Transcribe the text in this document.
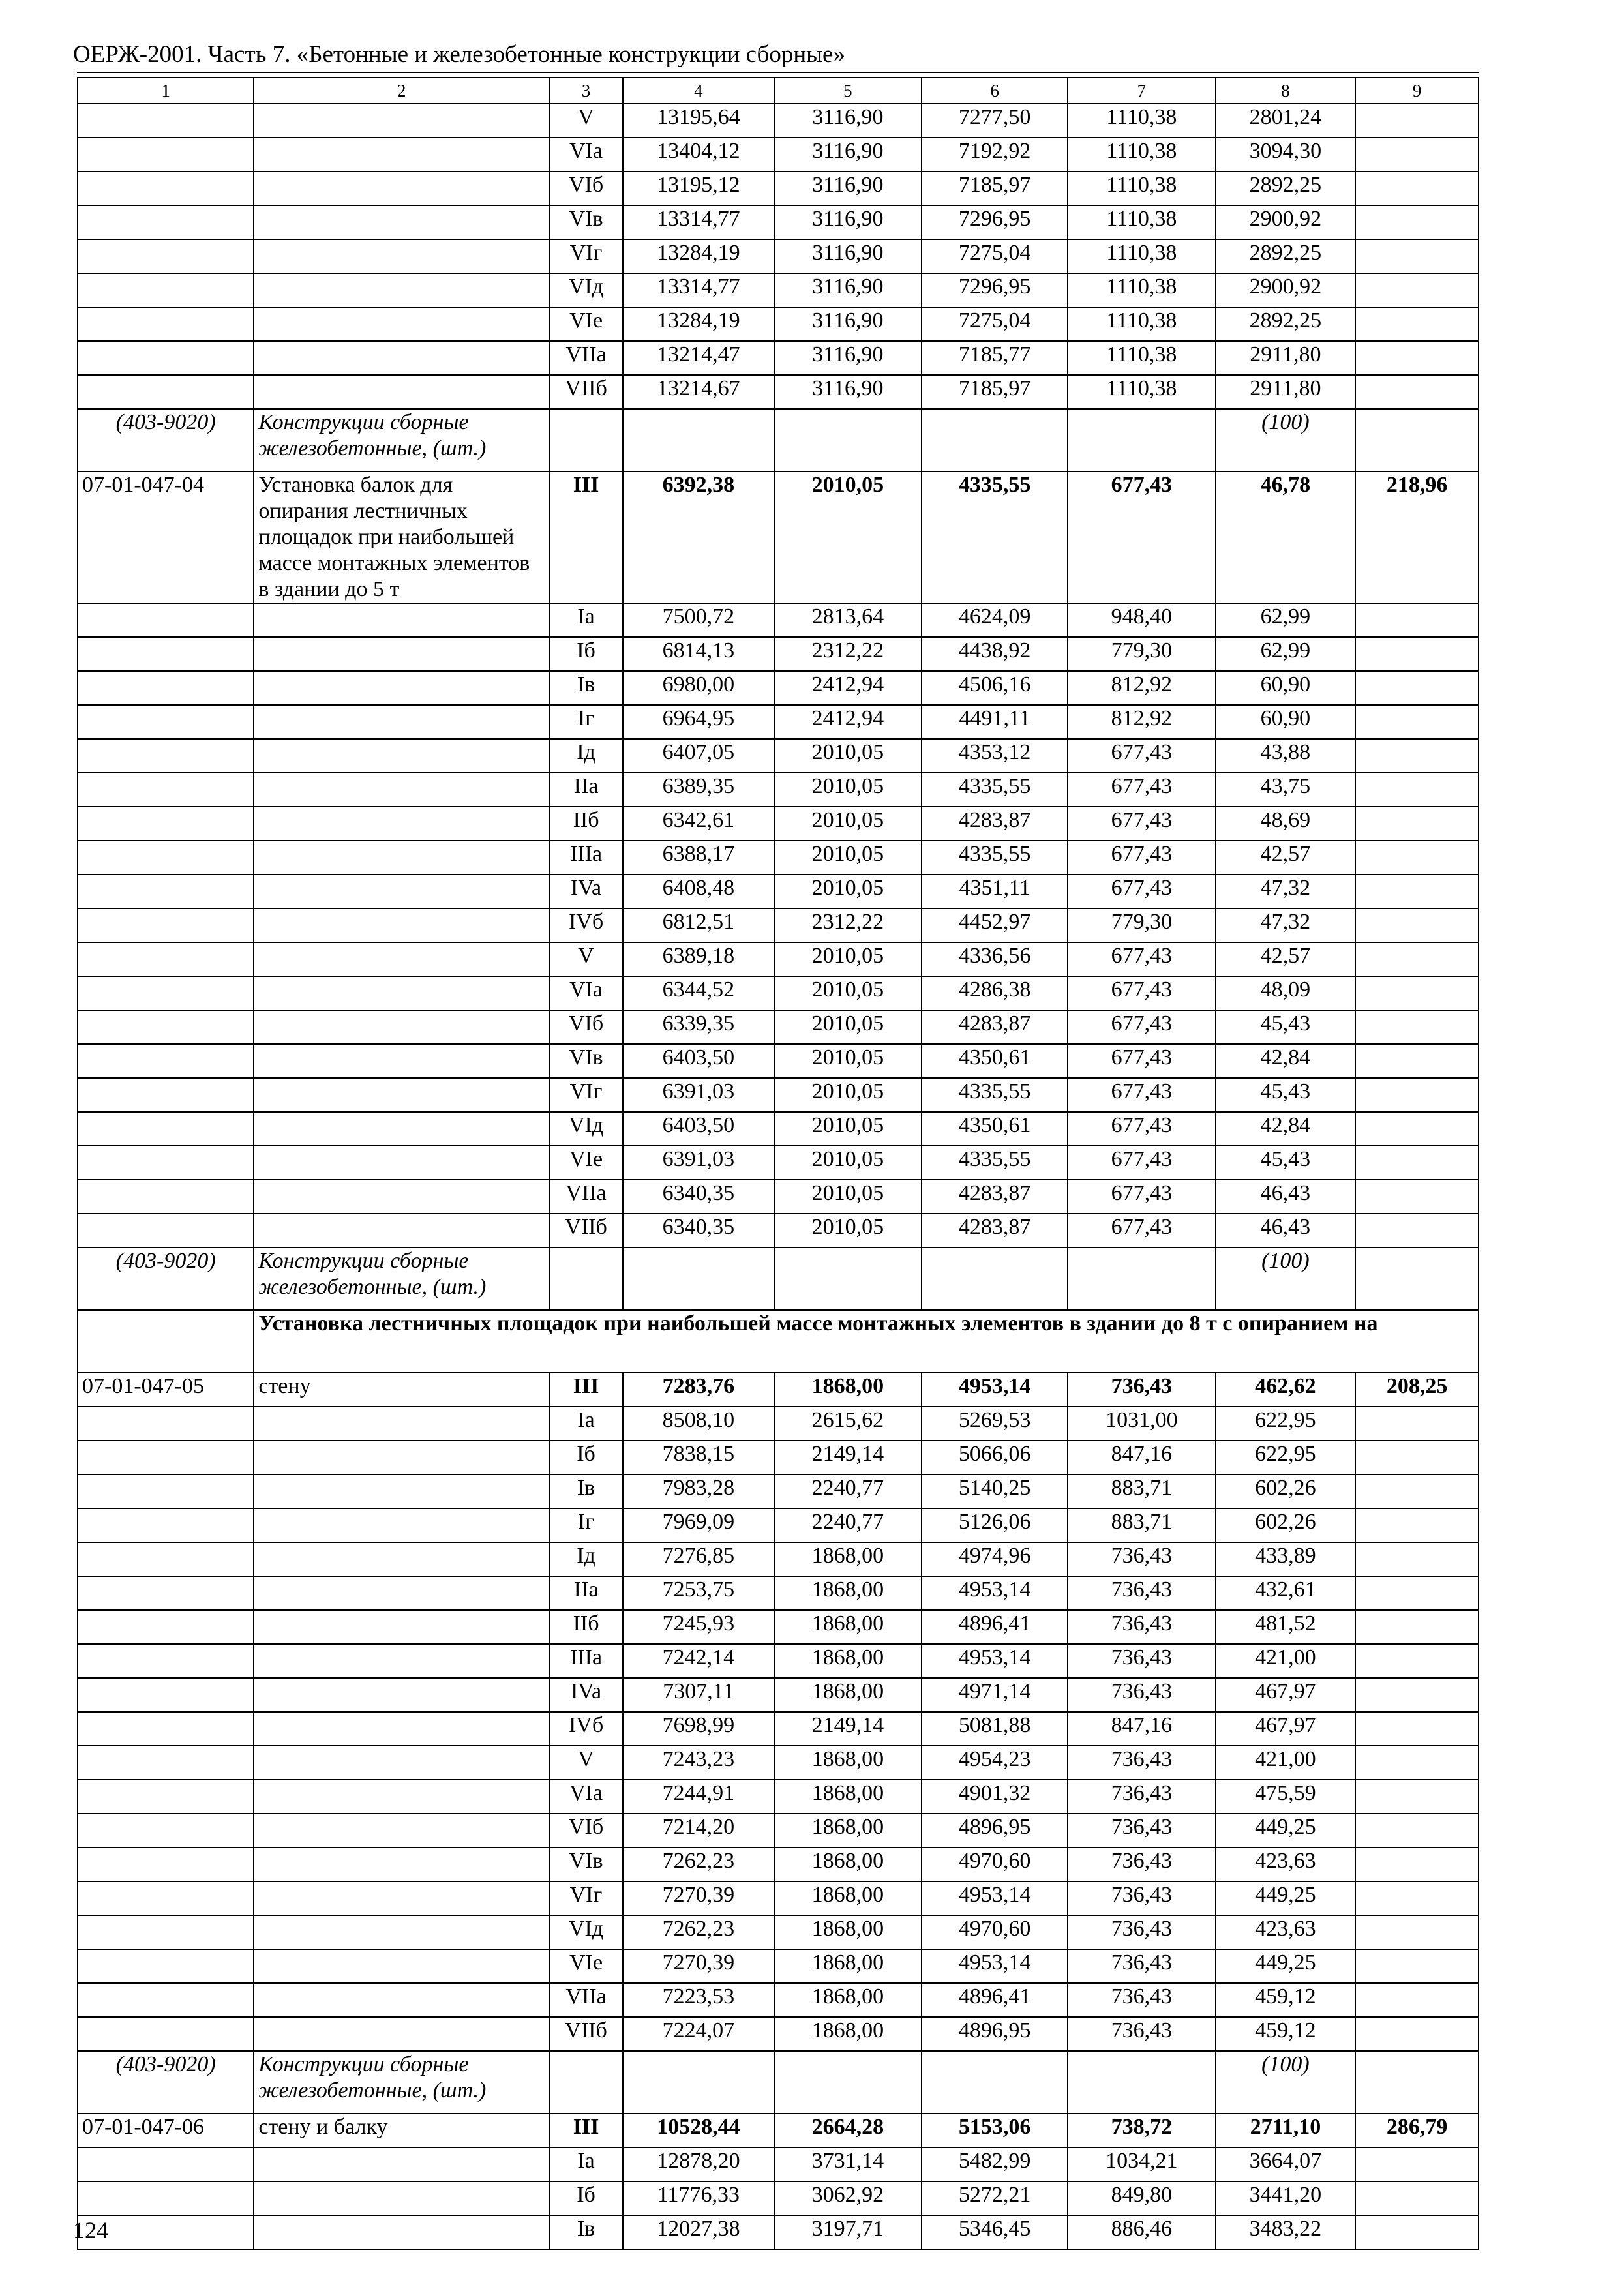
ОЕРЖ-2001. Часть 7. «Бетонные и железобетонные конструкции сборные»
1	2	3	4	5	6	7	8	9
		V	13195,64	3116,90	7277,50	1110,38	2801,24	
		VIa	13404,12	3116,90	7192,92	1110,38	3094,30	
		VIб	13195,12	3116,90	7185,97	1110,38	2892,25	
		VIв	13314,77	3116,90	7296,95	1110,38	2900,92	
		VIг	13284,19	3116,90	7275,04	1110,38	2892,25	
		VIд	13314,77	3116,90	7296,95	1110,38	2900,92	
		VIe	13284,19	3116,90	7275,04	1110,38	2892,25	
		VIIa	13214,47	3116,90	7185,77	1110,38	2911,80	
		VIIб	13214,67	3116,90	7185,97	1110,38	2911,80	
(403-9020)	Конструкции сборные железобетонные, (шт.)						(100)	
07-01-047-04	Установка балок для опирания лестничных площадок при наибольшей массе монтажных элементов в здании до 5 т	III	6392,38	2010,05	4335,55	677,43	46,78	218,96
		Ia	7500,72	2813,64	4624,09	948,40	62,99	
		Iб	6814,13	2312,22	4438,92	779,30	62,99	
		Iв	6980,00	2412,94	4506,16	812,92	60,90	
		Iг	6964,95	2412,94	4491,11	812,92	60,90	
		Iд	6407,05	2010,05	4353,12	677,43	43,88	
		IIa	6389,35	2010,05	4335,55	677,43	43,75	
		IIб	6342,61	2010,05	4283,87	677,43	48,69	
		IIIa	6388,17	2010,05	4335,55	677,43	42,57	
		IVa	6408,48	2010,05	4351,11	677,43	47,32	
		IVб	6812,51	2312,22	4452,97	779,30	47,32	
		V	6389,18	2010,05	4336,56	677,43	42,57	
		VIa	6344,52	2010,05	4286,38	677,43	48,09	
		VIб	6339,35	2010,05	4283,87	677,43	45,43	
		VIв	6403,50	2010,05	4350,61	677,43	42,84	
		VIг	6391,03	2010,05	4335,55	677,43	45,43	
		VIд	6403,50	2010,05	4350,61	677,43	42,84	
		VIe	6391,03	2010,05	4335,55	677,43	45,43	
		VIIa	6340,35	2010,05	4283,87	677,43	46,43	
		VIIб	6340,35	2010,05	4283,87	677,43	46,43	
(403-9020)	Конструкции сборные железобетонные, (шт.)						(100)	
	Установка лестничных площадок при наибольшей массе монтажных элементов в здании до 8 т с опиранием на							
07-01-047-05	стену	III	7283,76	1868,00	4953,14	736,43	462,62	208,25
		Ia	8508,10	2615,62	5269,53	1031,00	622,95	
		Iб	7838,15	2149,14	5066,06	847,16	622,95	
		Iв	7983,28	2240,77	5140,25	883,71	602,26	
		Iг	7969,09	2240,77	5126,06	883,71	602,26	
		Iд	7276,85	1868,00	4974,96	736,43	433,89	
		IIa	7253,75	1868,00	4953,14	736,43	432,61	
		IIб	7245,93	1868,00	4896,41	736,43	481,52	
		IIIa	7242,14	1868,00	4953,14	736,43	421,00	
		IVa	7307,11	1868,00	4971,14	736,43	467,97	
		IVб	7698,99	2149,14	5081,88	847,16	467,97	
		V	7243,23	1868,00	4954,23	736,43	421,00	
		VIa	7244,91	1868,00	4901,32	736,43	475,59	
		VIб	7214,20	1868,00	4896,95	736,43	449,25	
		VIв	7262,23	1868,00	4970,60	736,43	423,63	
		VIг	7270,39	1868,00	4953,14	736,43	449,25	
		VIд	7262,23	1868,00	4970,60	736,43	423,63	
		VIe	7270,39	1868,00	4953,14	736,43	449,25	
		VIIa	7223,53	1868,00	4896,41	736,43	459,12	
		VIIб	7224,07	1868,00	4896,95	736,43	459,12	
(403-9020)	Конструкции сборные железобетонные, (шт.)						(100)	
07-01-047-06	стену и балку	III	10528,44	2664,28	5153,06	738,72	2711,10	286,79
		Ia	12878,20	3731,14	5482,99	1034,21	3664,07	
		Iб	11776,33	3062,92	5272,21	849,80	3441,20	
		Iв	12027,38	3197,71	5346,45	886,46	3483,22	
124
